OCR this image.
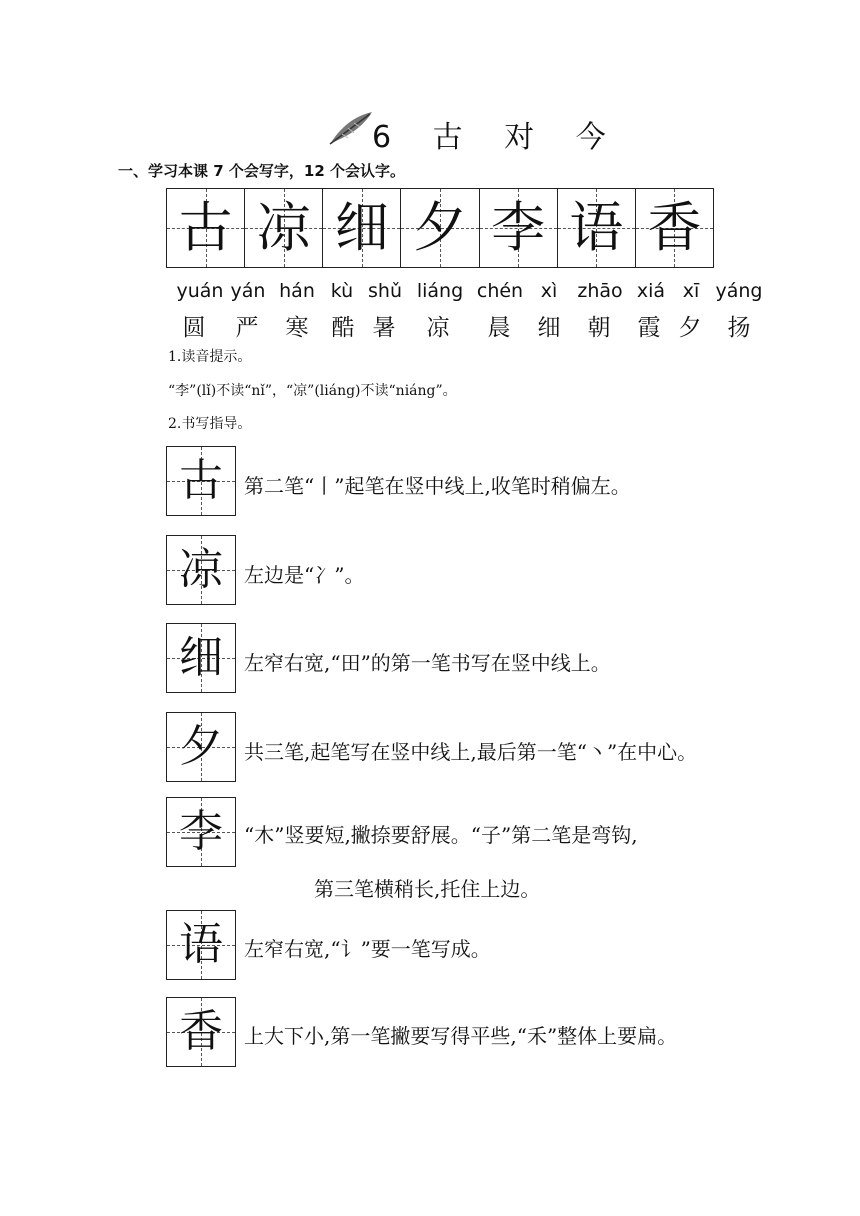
6 古 对 今
一、学习本课 7 个会写字，12 个会认字。
古 凉 细 夕 李 语 香
yuán yán hán kù shǔ liáng chén xì zhāo xiá xī yáng
圆 严 寒 酷 暑 凉 晨 细 朝 霞 夕 扬
1.读音提示。
“李”(lǐ)不读“nǐ”，“凉”(liáng)不读“niáng”。
2.书写指导。
古	第二笔“丨”起笔在竖中线上,收笔时稍偏左。
凉	左边是“冫”。
细	左窄右宽,“田”的第一笔书写在竖中线上。
夕	共三笔,起笔写在竖中线上,最后第一笔“丶”在中心。
李	“木”竖要短,撇捺要舒展。“子”第二笔是弯钩,
第三笔横稍长,托住上边。
语	左窄右宽,“讠”要一笔写成。
香	上大下小,第一笔撇要写得平些,“禾”整体上要扁。
